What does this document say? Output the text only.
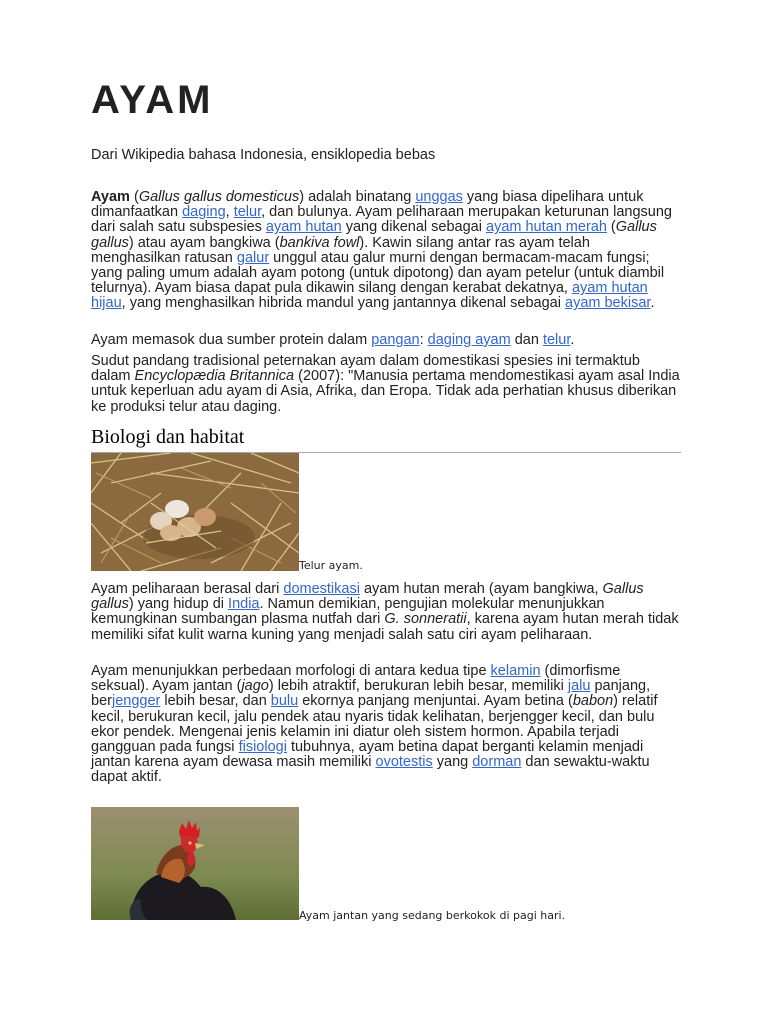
AYAM
Dari Wikipedia bahasa Indonesia, ensiklopedia bebas
Ayam (Gallus gallus domesticus) adalah binatang unggas yang biasa dipelihara untuk dimanfaatkan daging, telur, dan bulunya. Ayam peliharaan merupakan keturunan langsung dari salah satu subspesies ayam hutan yang dikenal sebagai ayam hutan merah (Gallus gallus) atau ayam bangkiwa (bankiva fowl). Kawin silang antar ras ayam telah menghasilkan ratusan galur unggul atau galur murni dengan bermacam-macam fungsi; yang paling umum adalah ayam potong (untuk dipotong) dan ayam petelur (untuk diambil telurnya). Ayam biasa dapat pula dikawin silang dengan kerabat dekatnya, ayam hutan hijau, yang menghasilkan hibrida mandul yang jantannya dikenal sebagai ayam bekisar.
Ayam memasok dua sumber protein dalam pangan: daging ayam dan telur.
Sudut pandang tradisional peternakan ayam dalam domestikasi spesies ini termaktub dalam Encyclopædia Britannica (2007): "Manusia pertama mendomestikasi ayam asal India untuk keperluan adu ayam di Asia, Afrika, dan Eropa. Tidak ada perhatian khusus diberikan ke produksi telur atau daging.
Biologi dan habitat
Telur ayam.
Ayam peliharaan berasal dari domestikasi ayam hutan merah (ayam bangkiwa, Gallus gallus) yang hidup di India. Namun demikian, pengujian molekular menunjukkan kemungkinan sumbangan plasma nutfah dari G. sonneratii, karena ayam hutan merah tidak memiliki sifat kulit warna kuning yang menjadi salah satu ciri ayam peliharaan.
Ayam menunjukkan perbedaan morfologi di antara kedua tipe kelamin (dimorfisme seksual). Ayam jantan (jago) lebih atraktif, berukuran lebih besar, memiliki jalu panjang, berjengger lebih besar, dan bulu ekornya panjang menjuntai. Ayam betina (babon) relatif kecil, berukuran kecil, jalu pendek atau nyaris tidak kelihatan, berjengger kecil, dan bulu ekor pendek. Mengenai jenis kelamin ini diatur oleh sistem hormon. Apabila terjadi gangguan pada fungsi fisiologi tubuhnya, ayam betina dapat berganti kelamin menjadi jantan karena ayam dewasa masih memiliki ovotestis yang dorman dan sewaktu-waktu dapat aktif.
Ayam jantan yang sedang berkokok di pagi hari.
